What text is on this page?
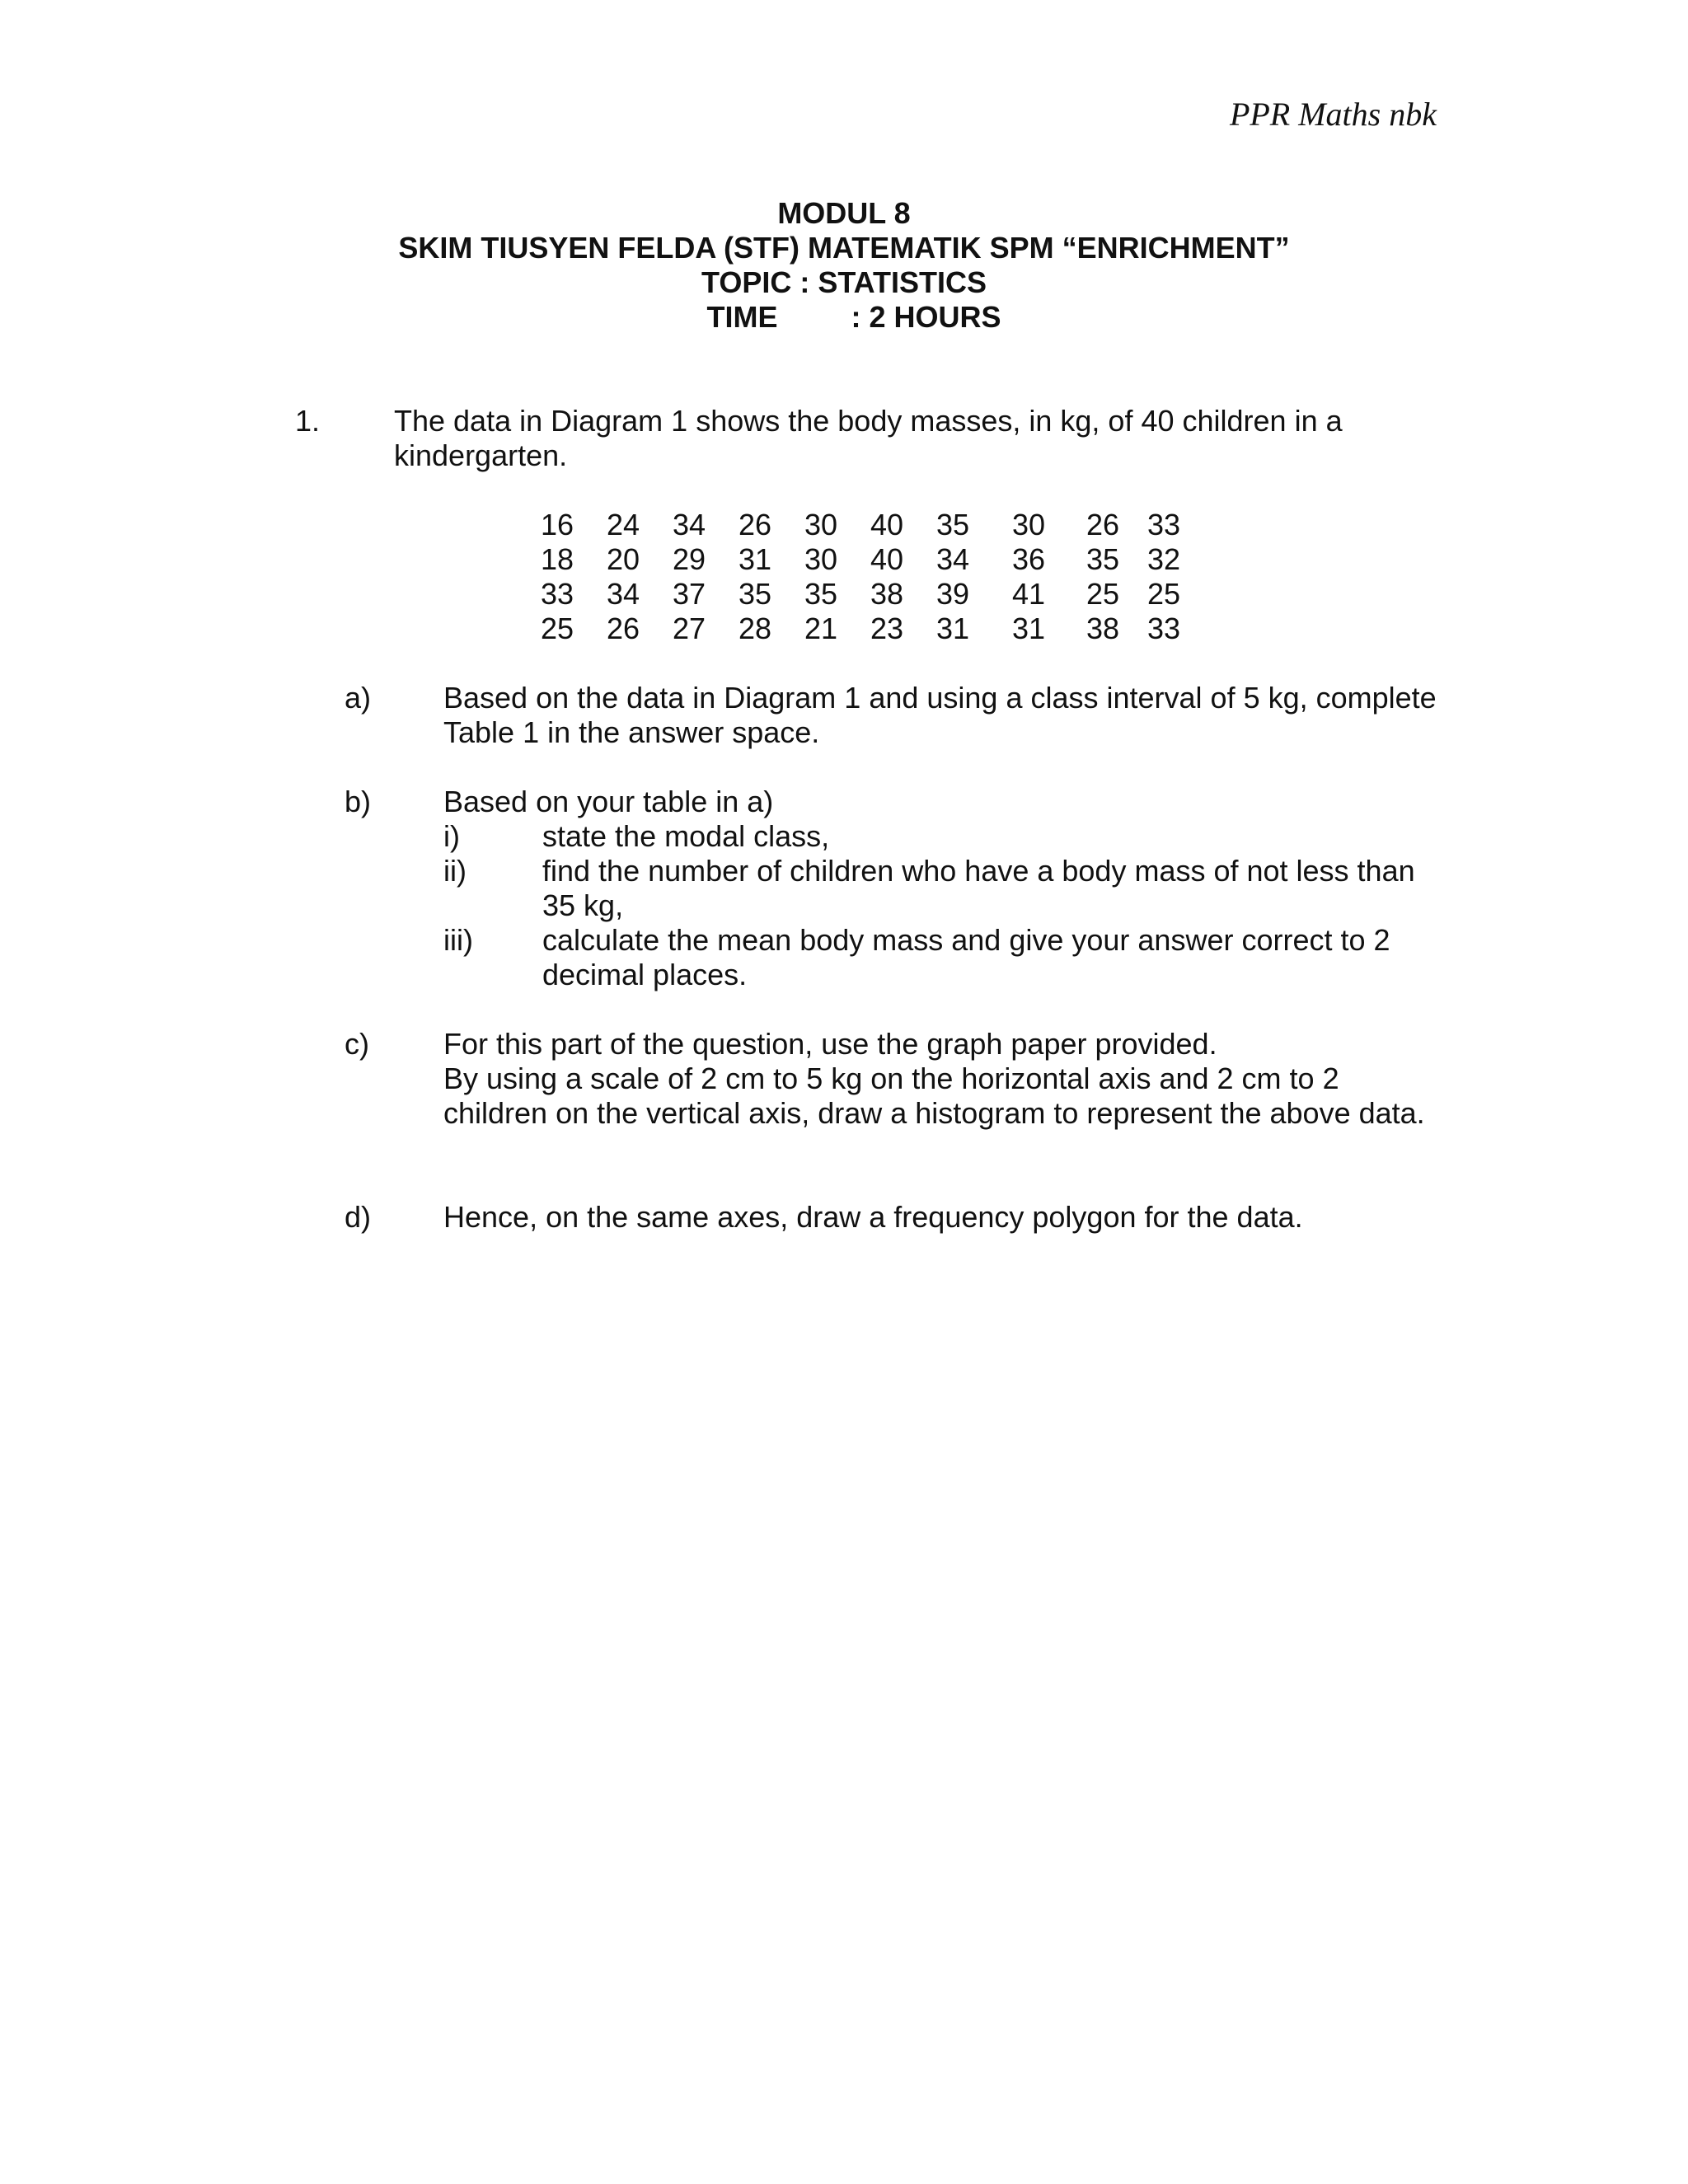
PPR Maths nbk
MODUL 8
SKIM TIUSYEN FELDA (STF) MATEMATIK SPM “ENRICHMENT”
TOPIC : STATISTICS
TIME : 2 HOURS
1. The data in Diagram 1 shows the body masses, in kg, of 40 children in a kindergarten.
16 24 34 26 30 40 35 30 26 33
18 20 29 31 30 40 34 36 35 32
33 34 37 35 35 38 39 41 25 25
25 26 27 28 21 23 31 31 38 33
a) Based on the data in Diagram 1 and using a class interval of 5 kg, complete Table 1 in the answer space.
b) Based on your table in a)
i)	state the modal class,
ii)	find the number of children who have a body mass of not less than 35 kg,
iii) calculate the mean body mass and give your answer correct to 2 decimal places.
c)	For this part of the question, use the graph paper provided.
By using a scale of 2 cm to 5 kg on the horizontal axis and 2 cm to 2 children on the vertical axis, draw a histogram to represent the above data.
d) Hence, on the same axes, draw a frequency polygon for the data.
